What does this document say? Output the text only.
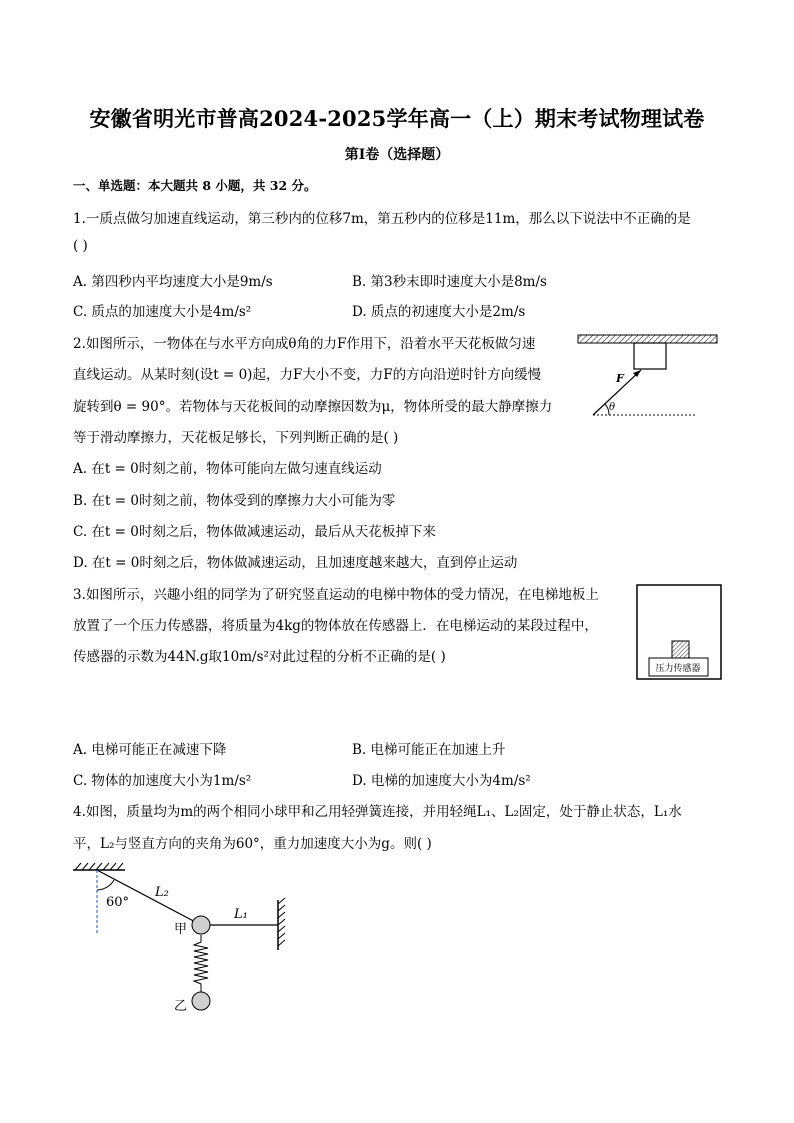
安徽省明光市普高2024-2025学年高一（上）期末考试物理试卷
第Ⅰ卷（选择题）
一、单选题：本大题共 8 小题，共 32 分。
1.一质点做匀加速直线运动，第三秒内的位移7m，第五秒内的位移是11m，那么以下说法中不正确的是
( )
A. 第四秒内平均速度大小是9m/s	B. 第3秒末即时速度大小是8m/s
C. 质点的加速度大小是4m/s²	D. 质点的初速度大小是2m/s
2.如图所示，一物体在与水平方向成θ角的力F作用下，沿着水平天花板做匀速
直线运动。从某时刻(设t = 0)起，力F大小不变，力F的方向沿逆时针方向缓慢
旋转到θ = 90°。若物体与天花板间的动摩擦因数为μ，物体所受的最大静摩擦力
等于滑动摩擦力，天花板足够长，下列判断正确的是( )
A. 在t = 0时刻之前，物体可能向左做匀速直线运动
B. 在t = 0时刻之前，物体受到的摩擦力大小可能为零
C. 在t = 0时刻之后，物体做减速运动，最后从天花板掉下来
D. 在t = 0时刻之后，物体做减速运动，且加速度越来越大，直到停止运动
F
θ
3.如图所示，兴趣小组的同学为了研究竖直运动的电梯中物体的受力情况，在电梯地板上
放置了一个压力传感器，将质量为4kg的物体放在传感器上．在电梯运动的某段过程中，
传感器的示数为44N.g取10m/s²对此过程的分析不正确的是( )
A. 电梯可能正在减速下降	B. 电梯可能正在加速上升
C. 物体的加速度大小为1m/s²	D. 电梯的加速度大小为4m/s²
压力传感器
4.如图，质量均为m的两个相同小球甲和乙用轻弹簧连接，并用轻绳L₁、L₂固定，处于静止状态，L₁水
平，L₂与竖直方向的夹角为60°，重力加速度大小为g。则( )
60°
L₂
L₁
甲
乙
